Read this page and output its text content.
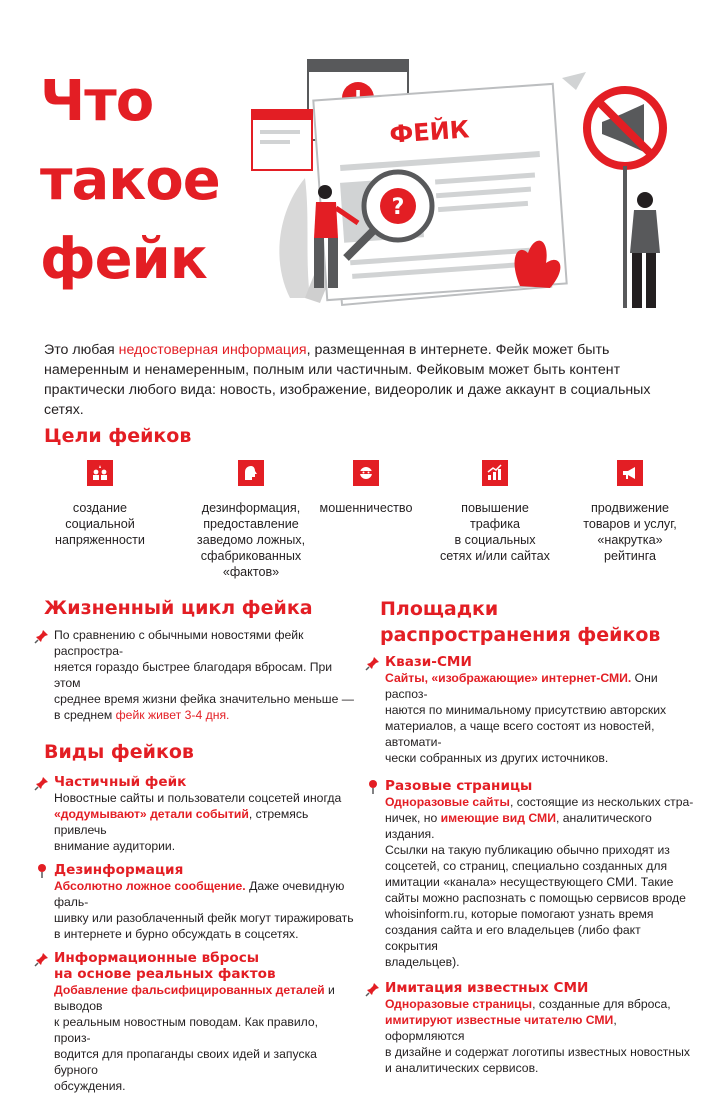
Что
такое
фейк
ФЕЙК
?
Это любая недостоверная информация, размещенная в интернете. Фейк может быть намеренным и ненамеренным, полным или частичным. Фейковым может быть контент практически любого вида: новость, изображение, видеоролик и даже аккаунт в социальных сетях.
Цели фейков
создание
социальной
напряженности
дезинформация,
предоставление
заведомо ложных,
сфабрикованных
«фактов»
мошенничество	повышение
трафика
в социальных
сетях и/или сайтах
продвижение
товаров и услуг,
«накрутка»
рейтинга
Жизненный цикл фейка
По сравнению с обычными новостями фейк распростра-
няется гораздо быстрее благодаря вбросам. При этом
среднее время жизни фейка значительно меньше —
в среднем фейк живет 3-4 дня.
Виды фейков
Частичный фейк
Новостные сайты и пользователи соцсетей иногда
«додумывают» детали событий, стремясь привлечь
внимание аудитории.
Дезинформация
Абсолютно ложное сообщение. Даже очевидную фаль-
шивку или разоблаченный фейк могут тиражировать
в интернете и бурно обсуждать в соцсетях.
Информационные вбросы
на основе реальных фактов
Добавление фальсифицированных деталей и выводов
к реальным новостным поводам. Как правило, произ-
водится для пропаганды своих идей и запуска бурного
обсуждения.
Площадки
распространения фейков
Квази-СМИ
Сайты, «изображающие» интернет-СМИ. Они распоз-
наются по минимальному присутствию авторских
материалов, а чаще всего состоят из новостей, автомати-
чески собранных из других источников.
Разовые страницы
Одноразовые сайты, состоящие из нескольких стра-
ничек, но имеющие вид СМИ, аналитического издания.
Ссылки на такую публикацию обычно приходят из
соцсетей, со страниц, специально созданных для
имитации «канала» несуществующего СМИ. Такие
сайты можно распознать с помощью сервисов вроде
whoisinform.ru, которые помогают узнать время
создания сайта и его владельцев (либо факт сокрытия
владельцев).
Имитация известных СМИ
Одноразовые страницы, созданные для вброса,
имитируют известные читателю СМИ, оформляются
в дизайне и содержат логотипы известных новостных
и аналитических сервисов.
